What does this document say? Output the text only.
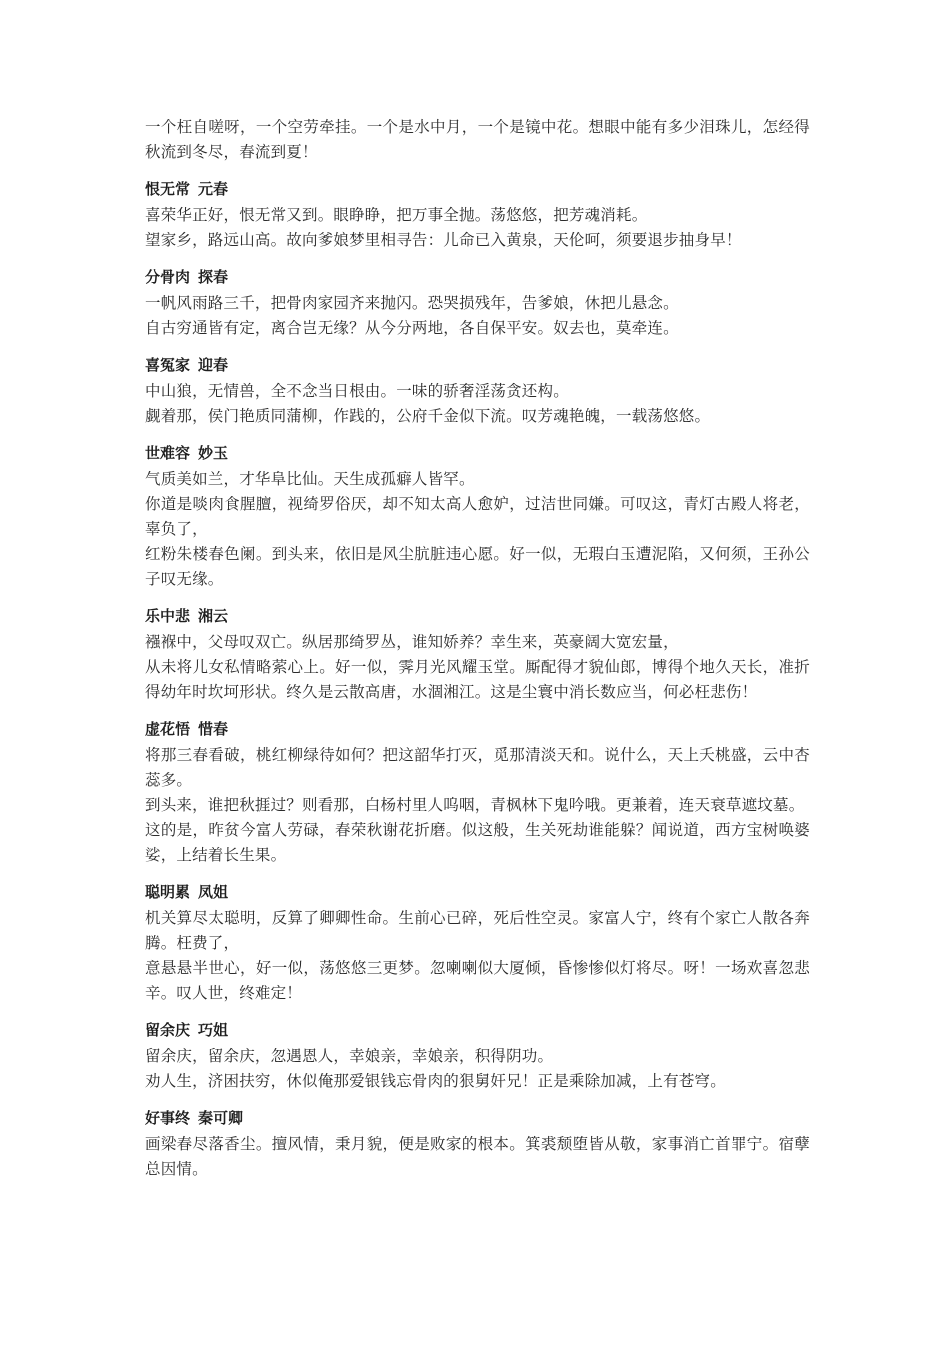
一个枉自嗟呀，一个空劳牵挂。一个是水中月，一个是镜中花。想眼中能有多少泪珠儿，怎经得秋流到冬尽，春流到夏！

恨无常 元春

喜荣华正好，恨无常又到。眼睁睁，把万事全抛。荡悠悠，把芳魂消耗。

望家乡，路远山高。故向爹娘梦里相寻告：儿命已入黄泉，天伦呵，须要退步抽身早！

分骨肉 探春

一帆风雨路三千，把骨肉家园齐来抛闪。恐哭损残年，告爹娘，休把儿悬念。

自古穷通皆有定，离合岂无缘？从今分两地，各自保平安。奴去也，莫牵连。

喜冤家 迎春

中山狼，无情兽，全不念当日根由。一味的骄奢淫荡贪还构。

觑着那，侯门艳质同蒲柳，作践的，公府千金似下流。叹芳魂艳魄，一载荡悠悠。

世难容 妙玉

气质美如兰，才华阜比仙。天生成孤癖人皆罕。

你道是啖肉食腥膻，视绮罗俗厌，却不知太高人愈妒，过洁世同嫌。可叹这，青灯古殿人将老，辜负了，

红粉朱楼春色阑。到头来，依旧是风尘肮脏违心愿。好一似，无瑕白玉遭泥陷，又何须，王孙公子叹无缘。

乐中悲 湘云

襁褓中，父母叹双亡。纵居那绮罗丛，谁知娇养？幸生来，英豪阔大宽宏量，

从未将儿女私情略萦心上。好一似，霁月光风耀玉堂。厮配得才貌仙郎，博得个地久天长，准折得幼年时坎坷形状。终久是云散高唐，水涸湘江。这是尘寰中消长数应当，何必枉悲伤！

虚花悟 惜春

将那三春看破，桃红柳绿待如何？把这韶华打灭，觅那清淡天和。说什么，天上夭桃盛，云中杏蕊多。

到头来，谁把秋捱过？则看那，白杨村里人呜咽，青枫林下鬼吟哦。更兼着，连天衰草遮坟墓。

这的是，昨贫今富人劳碌，春荣秋谢花折磨。似这般，生关死劫谁能躲？闻说道，西方宝树唤婆娑，上结着长生果。

聪明累 凤姐

机关算尽太聪明，反算了卿卿性命。生前心已碎，死后性空灵。家富人宁，终有个家亡人散各奔腾。枉费了，

意悬悬半世心，好一似，荡悠悠三更梦。忽喇喇似大厦倾，昏惨惨似灯将尽。呀！一场欢喜忽悲辛。叹人世，终难定！

留余庆 巧姐

留余庆，留余庆，忽遇恩人，幸娘亲，幸娘亲，积得阴功。

劝人生，济困扶穷，休似俺那爱银钱忘骨肉的狠舅奸兄！正是乘除加减，上有苍穹。

好事终 秦可卿

画梁春尽落香尘。擅风情，秉月貌，便是败家的根本。箕裘颓堕皆从敬，家事消亡首罪宁。宿孽总因情。
